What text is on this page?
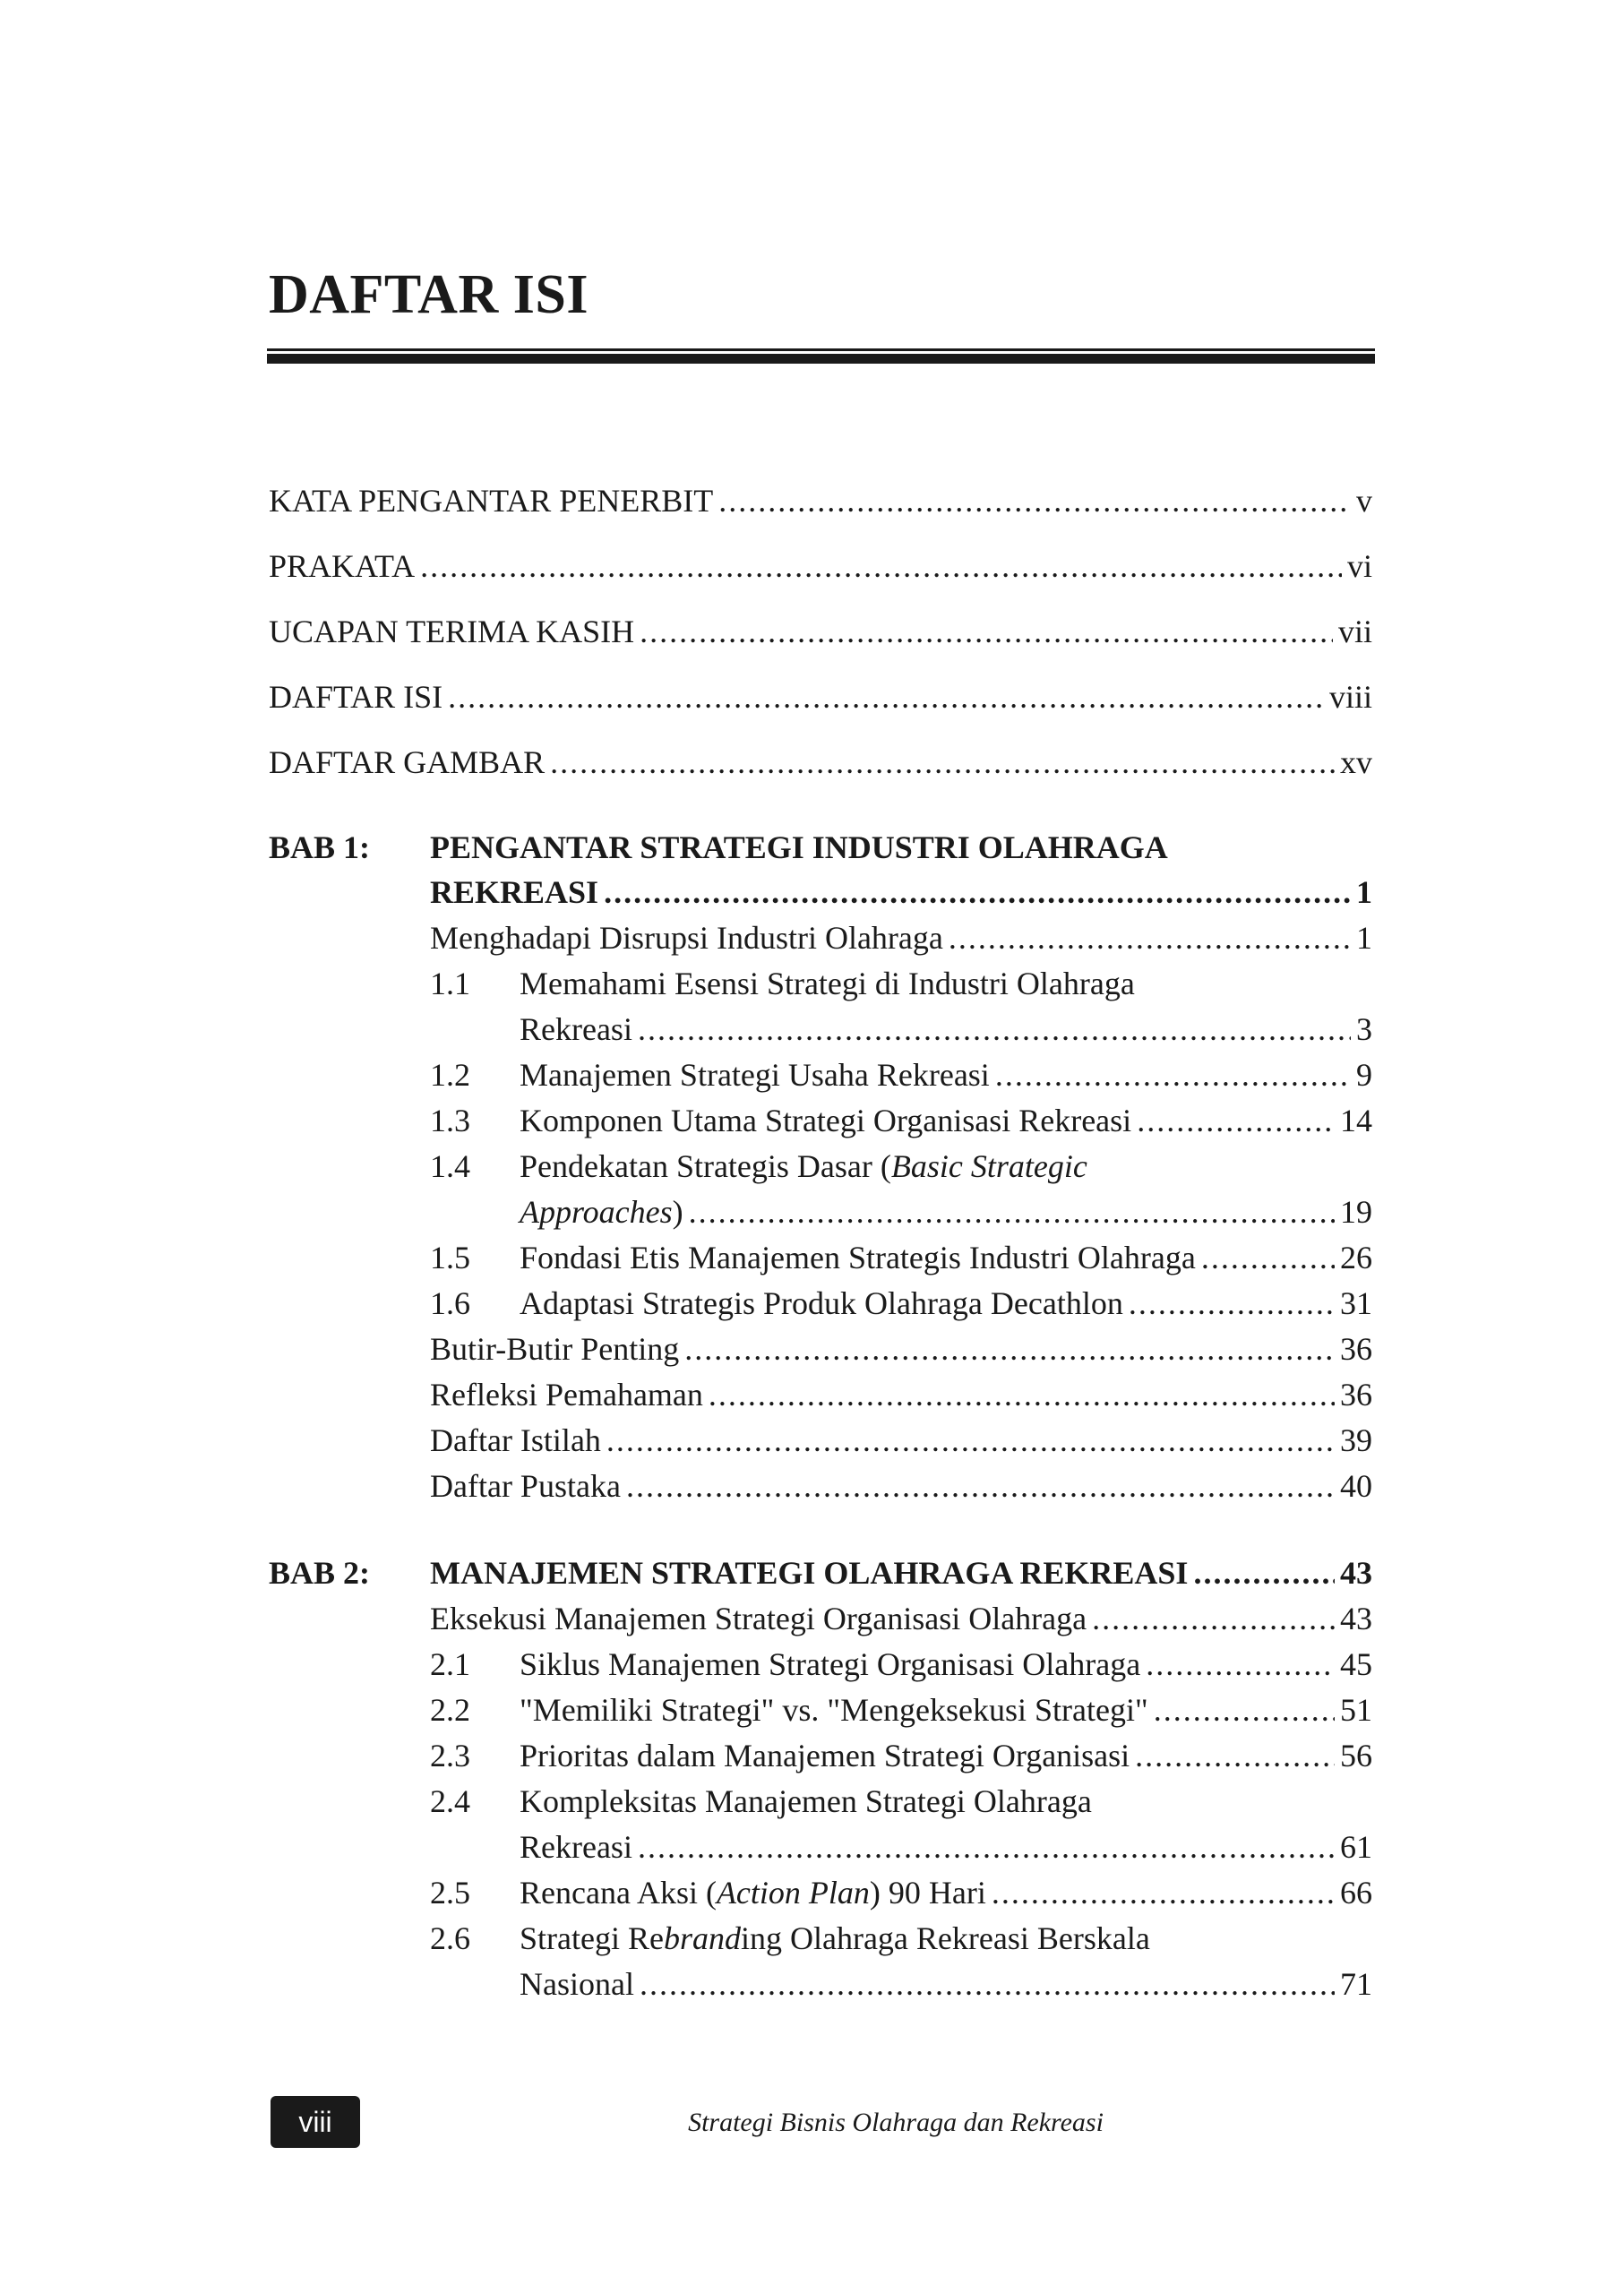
DAFTAR ISI
KATA PENGANTAR PENERBIT .....	v
PRAKATA .....	vi
UCAPAN TERIMA KASIH .....	vii
DAFTAR ISI .....	viii
DAFTAR GAMBAR .....	xv
BAB 1: PENGANTAR STRATEGI INDUSTRI OLAHRAGA
REKREASI .....	1
Menghadapi Disrupsi Industri Olahraga .....	1
1.1 Memahami Esensi Strategi di Industri Olahraga
Rekreasi .....	3
1.2 Manajemen Strategi Usaha Rekreasi .....	9
1.3 Komponen Utama Strategi Organisasi Rekreasi .....	14
1.4 Pendekatan Strategis Dasar (Basic Strategic
Approaches) .....	19
1.5 Fondasi Etis Manajemen Strategis Industri Olahraga .....	26
1.6 Adaptasi Strategis Produk Olahraga Decathlon .....	31
Butir-Butir Penting .....	36
Refleksi Pemahaman .....	36
Daftar Istilah .....	39
Daftar Pustaka .....	40
BAB 2: MANAJEMEN STRATEGI OLAHRAGA REKREASI .....	43
Eksekusi Manajemen Strategi Organisasi Olahraga .....	43
2.1 Siklus Manajemen Strategi Organisasi Olahraga .....	45
2.2 "Memiliki Strategi" vs. "Mengeksekusi Strategi" .....	51
2.3 Prioritas dalam Manajemen Strategi Organisasi .....	56
2.4 Kompleksitas Manajemen Strategi Olahraga
Rekreasi .....	61
2.5 Rencana Aksi (Action Plan) 90 Hari .....	66
2.6 Strategi Rebranding Olahraga Rekreasi Berskala
Nasional .....	71
viii	Strategi Bisnis Olahraga dan Rekreasi
